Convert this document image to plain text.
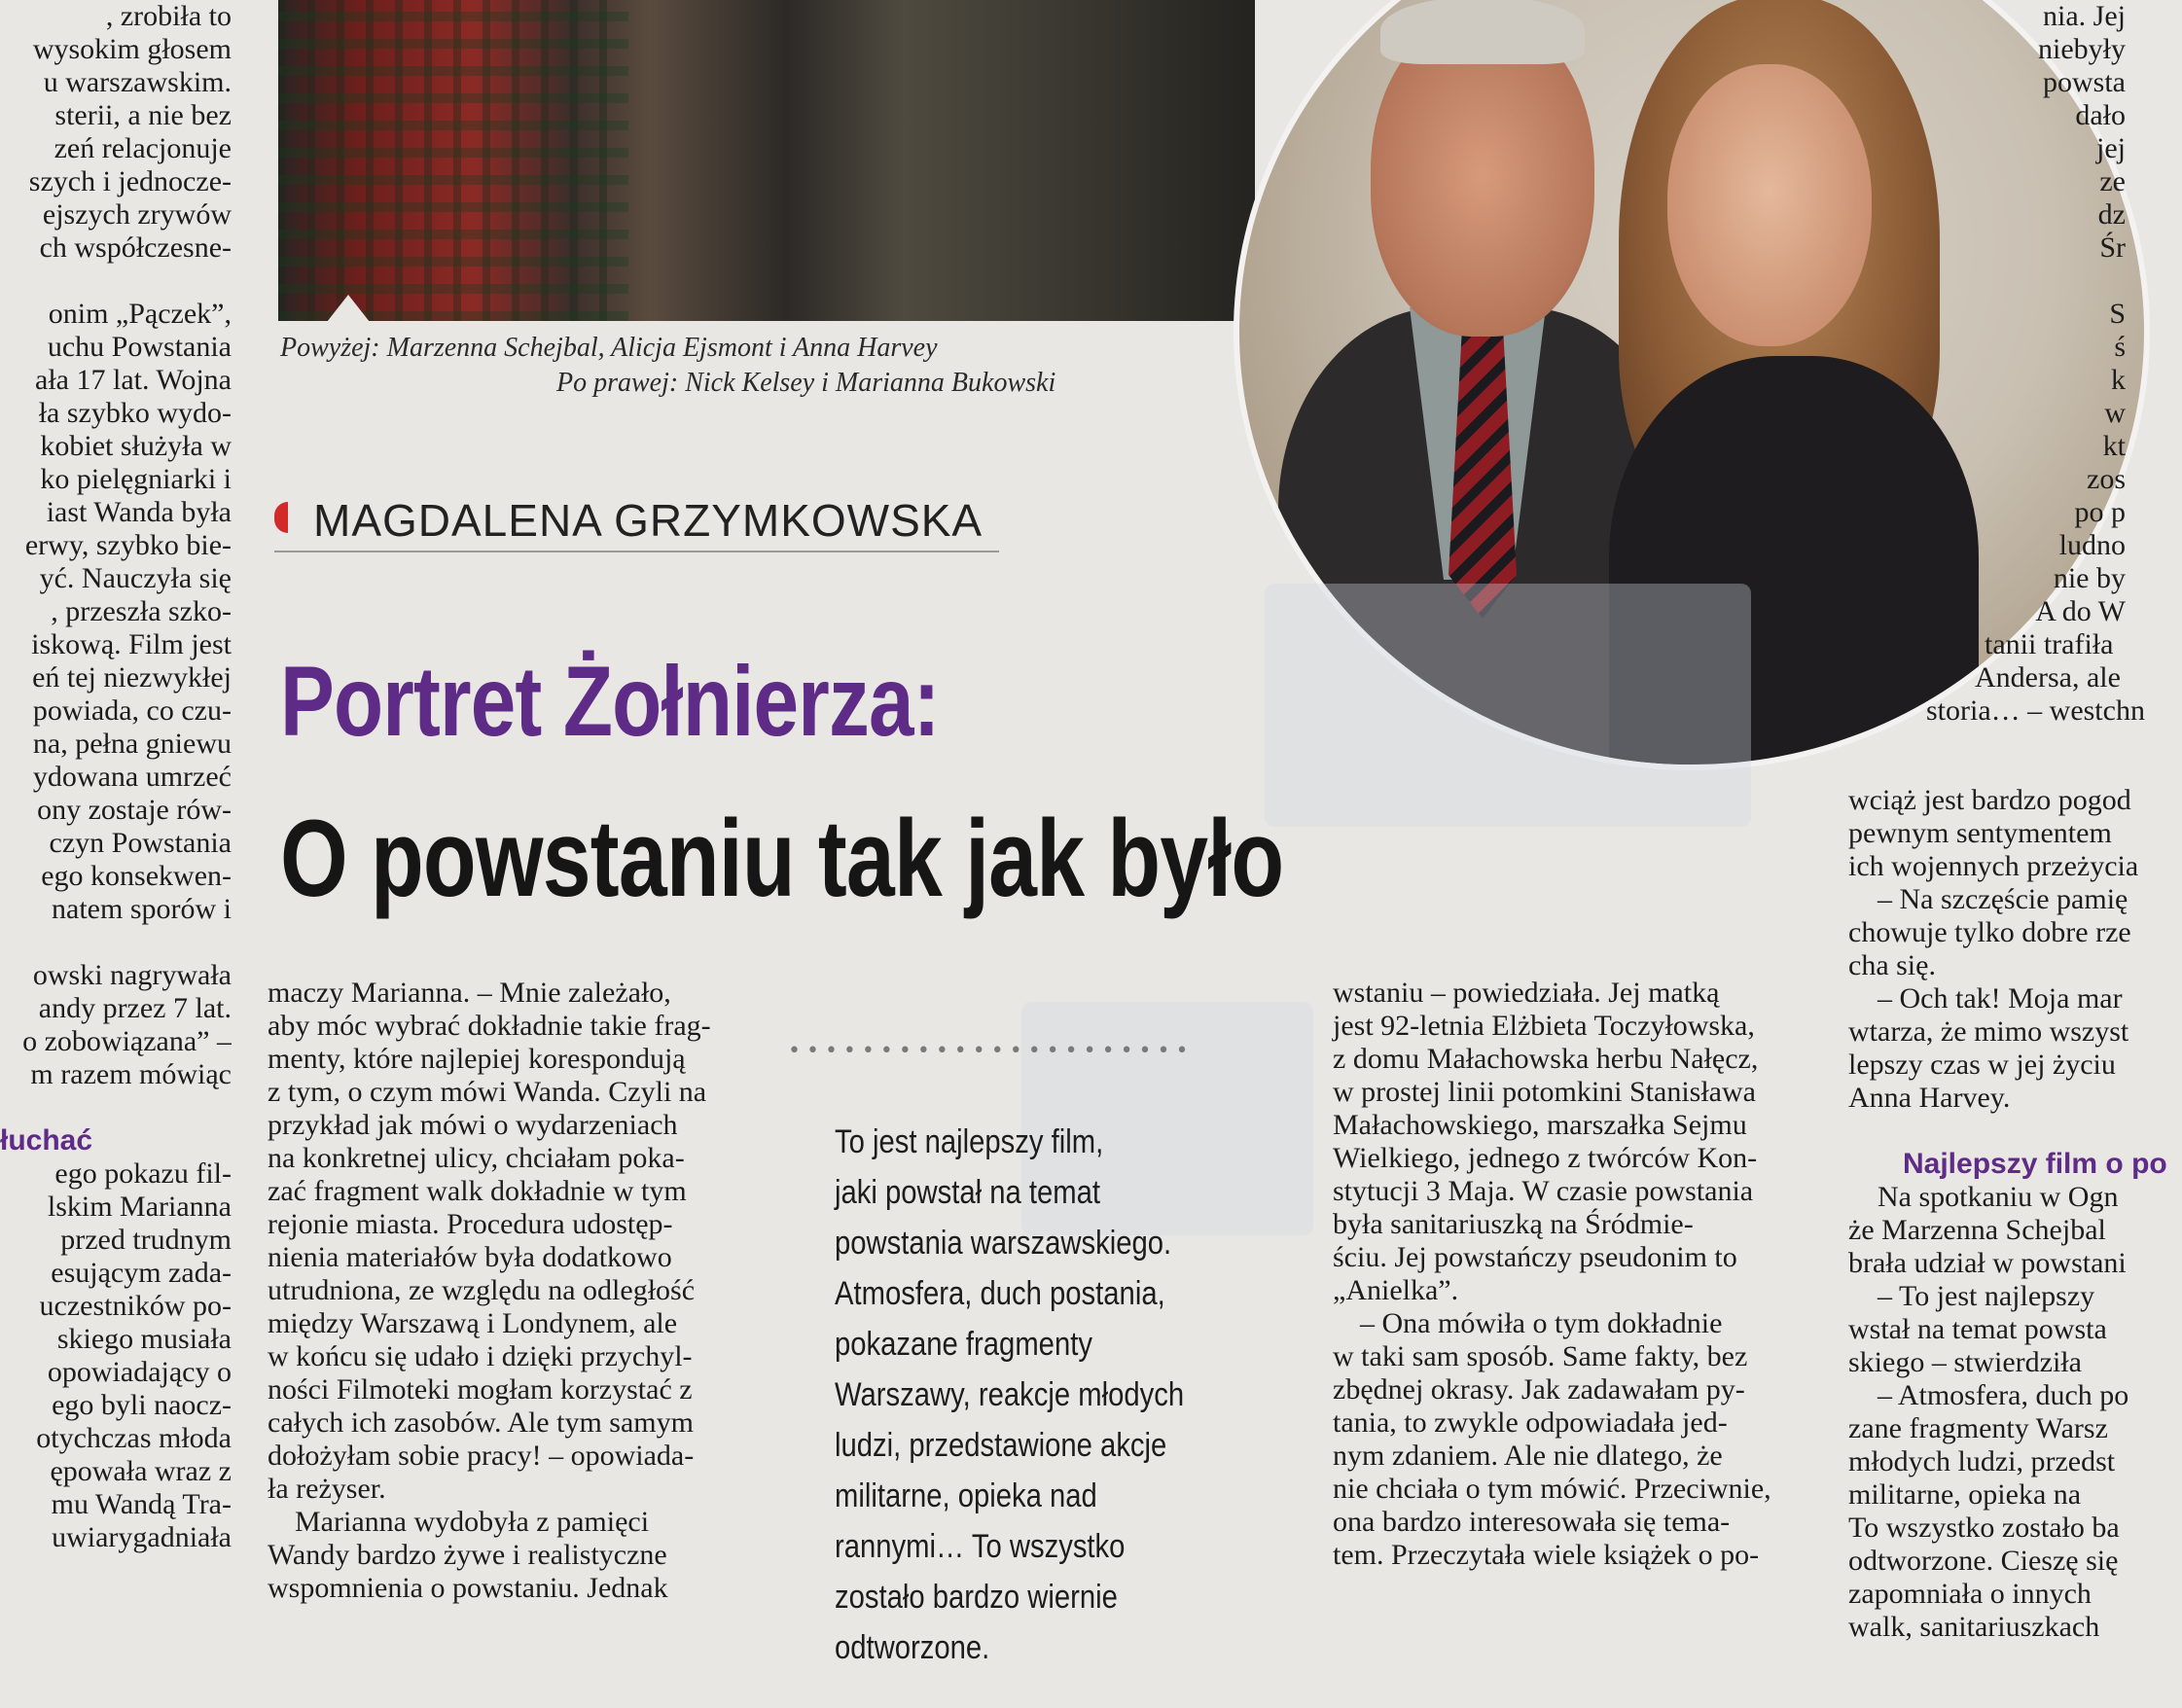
Powyżej: Marzenna Schejbal, Alicja Ejsmont i Anna Harvey
Po prawej: Nick Kelsey i Marianna Bukowski

, zrobiła to

wysokim głosem

u warszawskim.

sterii, a nie bez

zeń relacjonuje

szych i jednocze-

ejszych zrywów

ch współczesne-

onim „Pączek”,

uchu Powstania

ała 17 lat. Wojna

ła szybko wydo-

kobiet służyła w

ko pielęgniarki i

iast Wanda była

erwy, szybko bie-

yć. Nauczyła się

, przeszła szko-

iskową. Film jest

eń tej niezwykłej

powiada, co czu-

na, pełna gniewu

ydowana umrzeć

ony zostaje rów-

czyn Powstania

ego konsekwen-

natem sporów i

owski nagrywała

andy przez 7 lat.

o zobowiązana” –

m razem mówiąc

łuchać

ego pokazu fil-

lskim Marianna

przed trudnym

esującym zada-

uczestników po-

skiego musiała

opowiadający o

ego byli naocz-

otychczas młoda

ępowała wraz z

mu Wandą Tra-

uwiarygadniała

MAGDALENA GRZYMKOWSKA
Portret Żołnierza:
O powstaniu tak jak było

maczy Marianna. – Mnie zależało,

aby móc wybrać dokładnie takie frag-

menty, które najlepiej korespondują

z tym, o czym mówi Wanda. Czyli na

przykład jak mówi o wydarzeniach

na konkretnej ulicy, chciałam poka-

zać fragment walk dokładnie w tym

rejonie miasta. Procedura udostęp-

nienia materiałów była dodatkowo

utrudniona, ze względu na odległość

między Warszawą i Londynem, ale

w końcu się udało i dzięki przychyl-

ności Filmoteki mogłam korzystać z

całych ich zasobów. Ale tym samym

dołożyłam sobie pracy! – opowiada-

ła reżyser.

Marianna wydobyła z pamięci

Wandy bardzo żywe i realistyczne

wspomnienia o powstaniu. Jednak

••••••••••••••••••••••

To jest najlepszy film,

jaki powstał na temat

powstania warszawskiego.

Atmosfera, duch postania,

pokazane fragmenty

Warszawy, reakcje młodych

ludzi, przedstawione akcje

militarne, opieka nad

rannymi… To wszystko

zostało bardzo wiernie

odtworzone.

wstaniu – powiedziała. Jej matką

jest 92-letnia Elżbieta Toczyłowska,

z domu Małachowska herbu Nałęcz,

w prostej linii potomkini Stanisława

Małachowskiego, marszałka Sejmu

Wielkiego, jednego z twórców Kon-

stytucji 3 Maja. W czasie powstania

była sanitariuszką na Śródmie-

ściu. Jej powstańczy pseudonim to

„Anielka”.

– Ona mówiła o tym dokładnie

w taki sam sposób. Same fakty, bez

zbędnej okrasy. Jak zadawałam py-

tania, to zwykle odpowiadała jed-

nym zdaniem. Ale nie dlatego, że

nie chciała o tym mówić. Przeciwnie,

ona bardzo interesowała się tema-

tem. Przeczytała wiele książek o po-

nia. Jej

niebyły

powsta

dało

jej

ze

dz

Śr

S

ś

k

w

kt

zos

po p

ludno

nie by

A do W

tanii trafiła

Andersa, ale

storia… – westchn

wciąż jest bardzo pogod

pewnym sentymentem

ich wojennych przeżycia

– Na szczęście pamię

chowuje tylko dobre rze

cha się.

– Och tak! Moja mar

wtarza, że mimo wszyst

lepszy czas w jej życiu

Anna Harvey.

Najlepszy film o po

Na spotkaniu w Ogn

że Marzenna Schejbal

brała udział w powstani

– To jest najlepszy

wstał na temat powsta

skiego – stwierdziła

– Atmosfera, duch po

zane fragmenty Warsz

młodych ludzi, przedst

militarne, opieka na

To wszystko zostało ba

odtworzone. Cieszę się

zapomniała o innych

walk, sanitariuszkach
